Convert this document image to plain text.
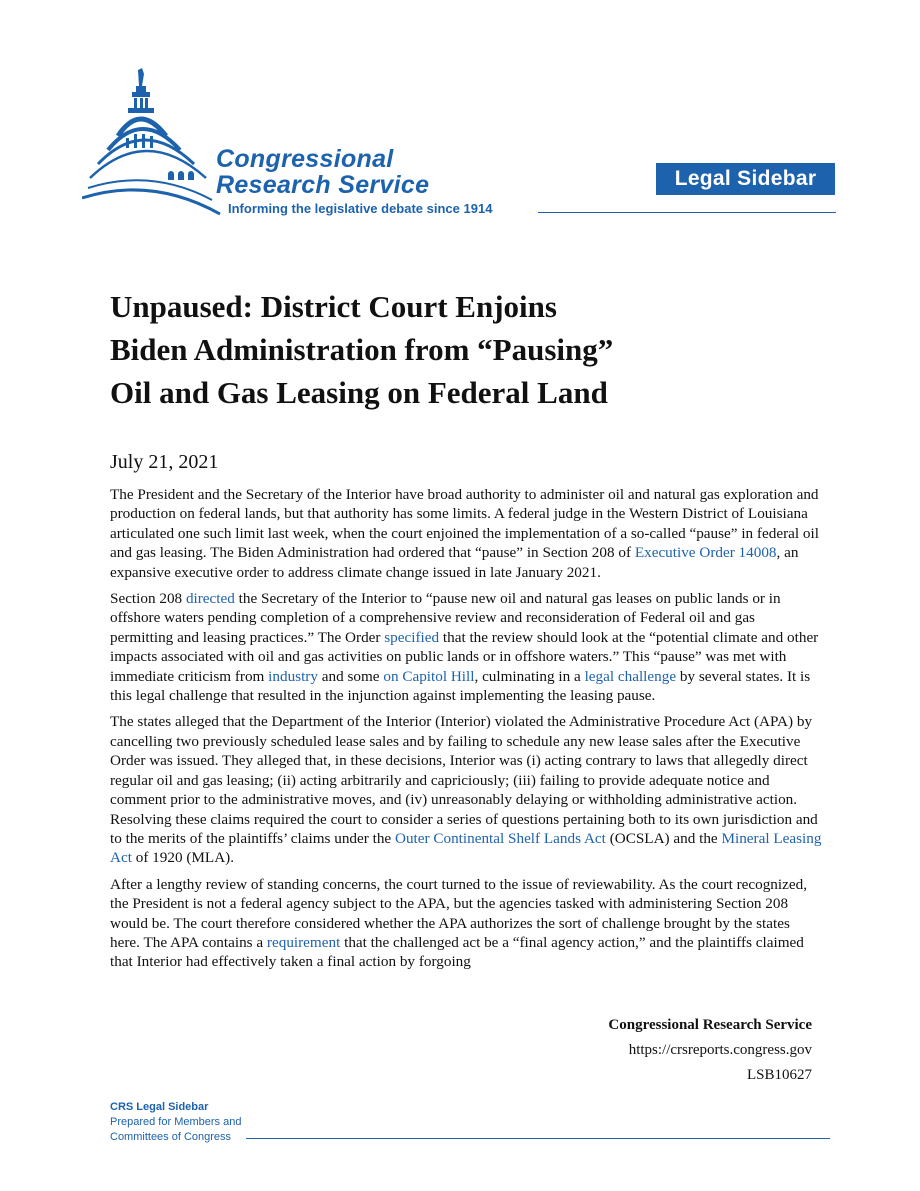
Congressional
Research Service
Informing the legislative debate since 1914
Legal Sidebar
Unpaused: District Court Enjoins
Biden Administration from “Pausing”
Oil and Gas Leasing on Federal Land
July 21, 2021

The President and the Secretary of the Interior have broad authority to administer oil and natural gas exploration and production on federal lands, but that authority has some limits. A federal judge in the Western District of Louisiana articulated one such limit last week, when the court enjoined the implementation of a so-called “pause” in federal oil and gas leasing. The Biden Administration had ordered that “pause” in Section 208 of Executive Order 14008, an expansive executive order to address climate change issued in late January 2021.

Section 208 directed the Secretary of the Interior to “pause new oil and natural gas leases on public lands or in offshore waters pending completion of a comprehensive review and reconsideration of Federal oil and gas permitting and leasing practices.” The Order specified that the review should look at the “potential climate and other impacts associated with oil and gas activities on public lands or in offshore waters.” This “pause” was met with immediate criticism from industry and some on Capitol Hill, culminating in a legal challenge by several states. It is this legal challenge that resulted in the injunction against implementing the leasing pause.

The states alleged that the Department of the Interior (Interior) violated the Administrative Procedure Act (APA) by cancelling two previously scheduled lease sales and by failing to schedule any new lease sales after the Executive Order was issued. They alleged that, in these decisions, Interior was (i) acting contrary to laws that allegedly direct regular oil and gas leasing; (ii) acting arbitrarily and capriciously; (iii) failing to provide adequate notice and comment prior to the administrative moves, and (iv) unreasonably delaying or withholding administrative action. Resolving these claims required the court to consider a series of questions pertaining both to its own jurisdiction and to the merits of the plaintiffs’ claims under the Outer Continental Shelf Lands Act (OCSLA) and the Mineral Leasing Act of 1920 (MLA).

After a lengthy review of standing concerns, the court turned to the issue of reviewability. As the court recognized, the President is not a federal agency subject to the APA, but the agencies tasked with administering Section 208 would be. The court therefore considered whether the APA authorizes the sort of challenge brought by the states here. The APA contains a requirement that the challenged act be a “final agency action,” and the plaintiffs claimed that Interior had effectively taken a final action by forgoing

Congressional Research Service
https://crsreports.congress.gov
LSB10627
CRS Legal Sidebar
Prepared for Members and
Committees of Congress
